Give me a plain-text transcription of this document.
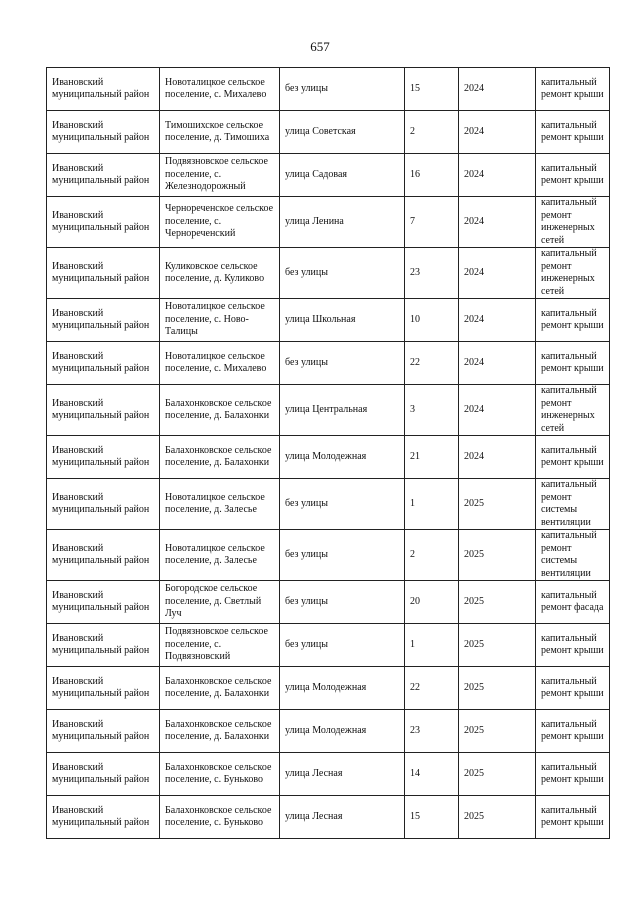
657
Ивановский муниципальный район	Новоталицкое сельское поселение, с. Михалево	без улицы	15	2024	капитальный ремонт крыши
Ивановский муниципальный район	Тимошихское сельское поселение, д. Тимошиха	улица Советская	2	2024	капитальный ремонт крыши
Ивановский муниципальный район	Подвязновское сельское поселение, с. Железнодорожный	улица Садовая	16	2024	капитальный ремонт крыши
Ивановский муниципальный район	Чернореченское сельское поселение, с. Чернореченский	улица Ленина	7	2024	капитальный ремонт инженерных сетей
Ивановский муниципальный район	Куликовское сельское поселение, д. Куликово	без улицы	23	2024	капитальный ремонт инженерных сетей
Ивановский муниципальный район	Новоталицкое сельское поселение, с. Ново-Талицы	улица Школьная	10	2024	капитальный ремонт крыши
Ивановский муниципальный район	Новоталицкое сельское поселение, с. Михалево	без улицы	22	2024	капитальный ремонт крыши
Ивановский муниципальный район	Балахонковское сельское поселение, д. Балахонки	улица Центральная	3	2024	капитальный ремонт инженерных сетей
Ивановский муниципальный район	Балахонковское сельское поселение, д. Балахонки	улица Молодежная	21	2024	капитальный ремонт крыши
Ивановский муниципальный район	Новоталицкое сельское поселение, д. Залесье	без улицы	1	2025	капитальный ремонт системы вентиляции
Ивановский муниципальный район	Новоталицкое сельское поселение, д. Залесье	без улицы	2	2025	капитальный ремонт системы вентиляции
Ивановский муниципальный район	Богородское сельское поселение, д. Светлый Луч	без улицы	20	2025	капитальный ремонт фасада
Ивановский муниципальный район	Подвязновское сельское поселение, с. Подвязновский	без улицы	1	2025	капитальный ремонт крыши
Ивановский муниципальный район	Балахонковское сельское поселение, д. Балахонки	улица Молодежная	22	2025	капитальный ремонт крыши
Ивановский муниципальный район	Балахонковское сельское поселение, д. Балахонки	улица Молодежная	23	2025	капитальный ремонт крыши
Ивановский муниципальный район	Балахонковское сельское поселение, с. Буньково	улица Лесная	14	2025	капитальный ремонт крыши
Ивановский муниципальный район	Балахонковское сельское поселение, с. Буньково	улица Лесная	15	2025	капитальный ремонт крыши
